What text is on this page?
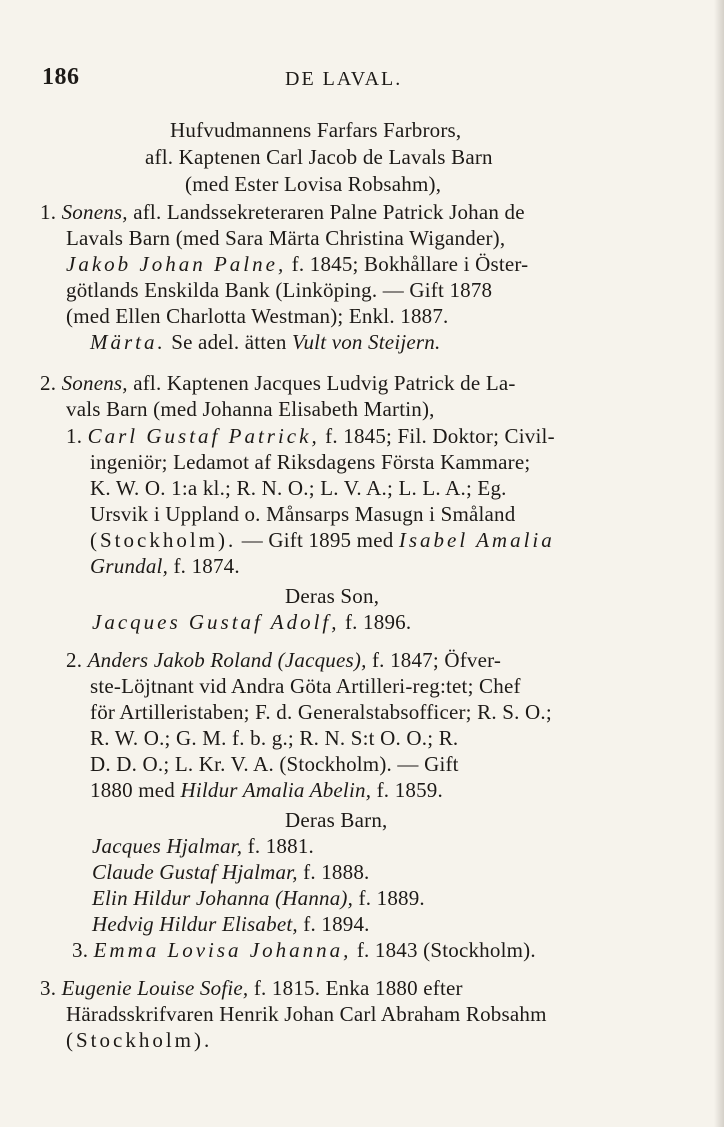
186	DE LAVAL.
Hufvudmannens Farfars Farbrors,
afl. Kaptenen Carl Jacob de Lavals Barn
(med Ester Lovisa Robsahm),
1. Sonens, afl. Landssekreteraren Palne Patrick Johan de
Lavals Barn (med Sara Märta Christina Wigander),
Jakob Johan Palne, f. 1845; Bokhållare i Öster-
götlands Enskilda Bank (Linköping. — Gift 1878
(med Ellen Charlotta Westman); Enkl. 1887.
Märta. Se adel. ätten Vult von Steijern.
2. Sonens, afl. Kaptenen Jacques Ludvig Patrick de La-
vals Barn (med Johanna Elisabeth Martin),
1. Carl Gustaf Patrick, f. 1845; Fil. Doktor; Civil-
ingeniör; Ledamot af Riksdagens Första Kammare;
K. W. O. 1:a kl.; R. N. O.; L. V. A.; L. L. A.; Eg.
Ursvik i Uppland o. Månsarps Masugn i Småland
(Stockholm). — Gift 1895 med Isabel Amalia
Grundal, f. 1874.
Deras Son,
Jacques Gustaf Adolf, f. 1896.
2. Anders Jakob Roland (Jacques), f. 1847; Öfver-
ste-Löjtnant vid Andra Göta Artilleri-reg:tet; Chef
för Artilleristaben; F. d. Generalstabsofficer; R. S. O.;
R. W. O.; G. M. f. b. g.; R. N. S:t O. O.; R.
D. D. O.; L. Kr. V. A. (Stockholm). — Gift
1880 med Hildur Amalia Abelin, f. 1859.
Deras Barn,
Jacques Hjalmar, f. 1881.
Claude Gustaf Hjalmar, f. 1888.
Elin Hildur Johanna (Hanna), f. 1889.
Hedvig Hildur Elisabet, f. 1894.
3. Emma Lovisa Johanna, f. 1843 (Stockholm).
3. Eugenie Louise Sofie, f. 1815. Enka 1880 efter
Häradsskrifvaren Henrik Johan Carl Abraham Robsahm
(Stockholm).
